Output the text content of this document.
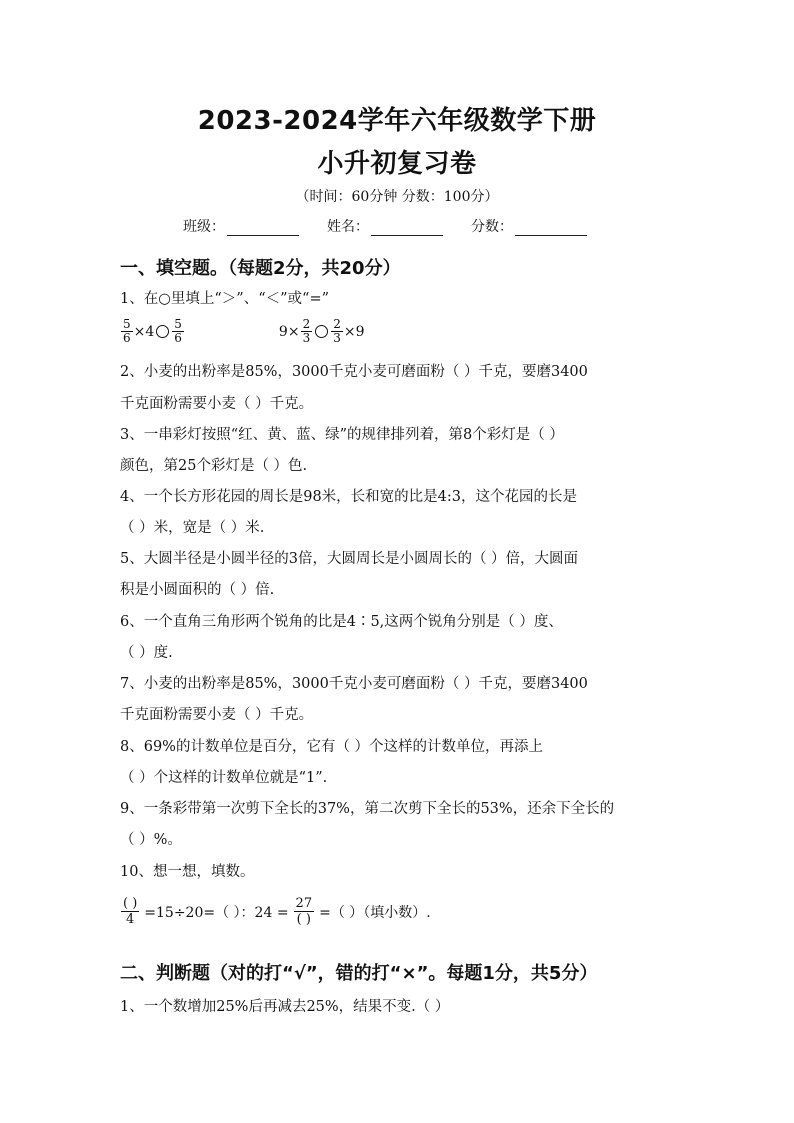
2023-2024学年六年级数学下册
小升初复习卷
（时间：60分钟 分数：100分）
班级：	姓名：	分数：
一、填空题。（每题2分，共20分）
1、在○里填上“＞”、“＜”或“=”
$\frac{5}{6} \times 4 \frac{5}{6}$	$9\times \frac{2}{3} \frac{2}{3} \times 9$
2、小麦的出粉率是85%，3000千克小麦可磨面粉（ ）千克，要磨3400
千克面粉需要小麦（ ）千克。
3、一串彩灯按照“红、黄、蓝、绿”的规律排列着，第8个彩灯是（ ）
颜色，第25个彩灯是（ ）色.
4、一个长方形花园的周长是98米，长和宽的比是4:3，这个花园的长是
（ ）米，宽是（ ）米.
5、大圆半径是小圆半径的3倍，大圆周长是小圆周长的（ ）倍，大圆面
积是小圆面积的（ ）倍.
6、一个直角三角形两个锐角的比是4∶5,这两个锐角分别是（ ）度、
（ ）度.
7、小麦的出粉率是85%，3000千克小麦可磨面粉（ ）千克，要磨3400
千克面粉需要小麦（ ）千克。
8、69%的计数单位是百分，它有（ ）个这样的计数单位，再添上
（ ）个这样的计数单位就是“1”.
9、一条彩带第一次剪下全长的37%，第二次剪下全长的53%，还余下全长的
（ ）%。
10、想一想，填数。
$\frac{( )}{4} =15\div 20=$（ ）：$24 = \frac{27}{( )}$ =（ ）（填小数）.
二、判断题（对的打“√”，错的打“×”。每题1分，共5分）
1、一个数增加25%后再减去25%，结果不变.（ ）
